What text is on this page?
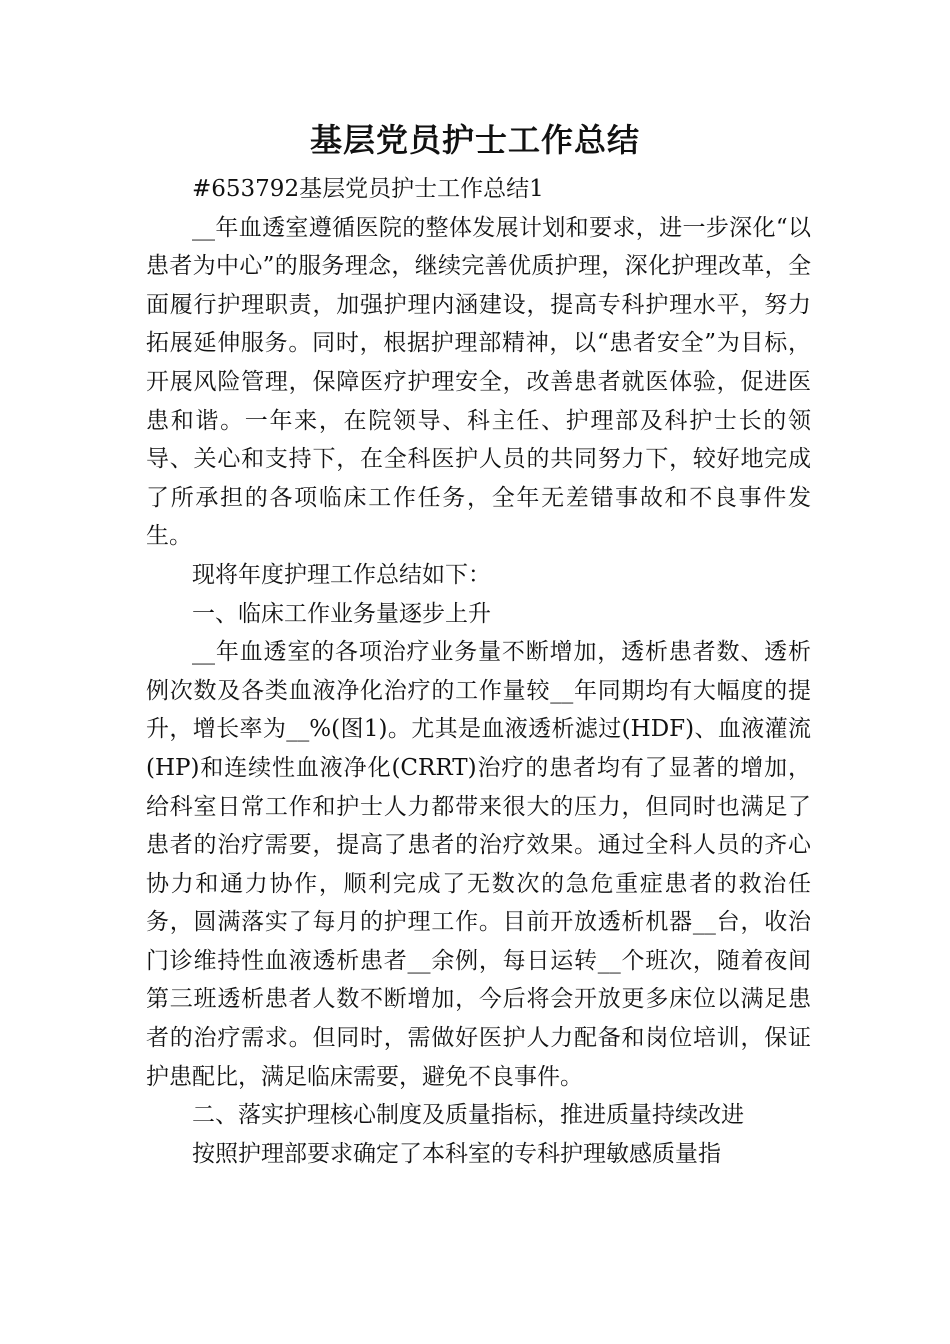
基层党员护士工作总结

#653792基层党员护士工作总结1

__年血透室遵循医院的整体发展计划和要求，进一步深化“以患者为中心”的服务理念，继续完善优质护理，深化护理改革，全面履行护理职责，加强护理内涵建设，提高专科护理水平，努力拓展延伸服务。同时，根据护理部精神，以“患者安全”为目标，开展风险管理，保障医疗护理安全，改善患者就医体验，促进医患和谐。一年来，在院领导、科主任、护理部及科护士长的领导、关心和支持下，在全科医护人员的共同努力下，较好地完成了所承担的各项临床工作任务，全年无差错事故和不良事件发生。

现将年度护理工作总结如下：

一、临床工作业务量逐步上升

__年血透室的各项治疗业务量不断增加，透析患者数、透析例次数及各类血液净化治疗的工作量较__年同期均有大幅度的提升，增长率为__%(图1)。尤其是血液透析滤过(HDF)、血液灌流(HP)和连续性血液净化(CRRT)治疗的患者均有了显著的增加，给科室日常工作和护士人力都带来很大的压力，但同时也满足了患者的治疗需要，提高了患者的治疗效果。通过全科人员的齐心协力和通力协作，顺利完成了无数次的急危重症患者的救治任务，圆满落实了每月的护理工作。目前开放透析机器__台，收治门诊维持性血液透析患者__余例，每日运转__个班次，随着夜间第三班透析患者人数不断增加，今后将会开放更多床位以满足患者的治疗需求。但同时，需做好医护人力配备和岗位培训，保证护患配比，满足临床需要，避免不良事件。

二、落实护理核心制度及质量指标，推进质量持续改进

按照护理部要求确定了本科室的专科护理敏感质量指
